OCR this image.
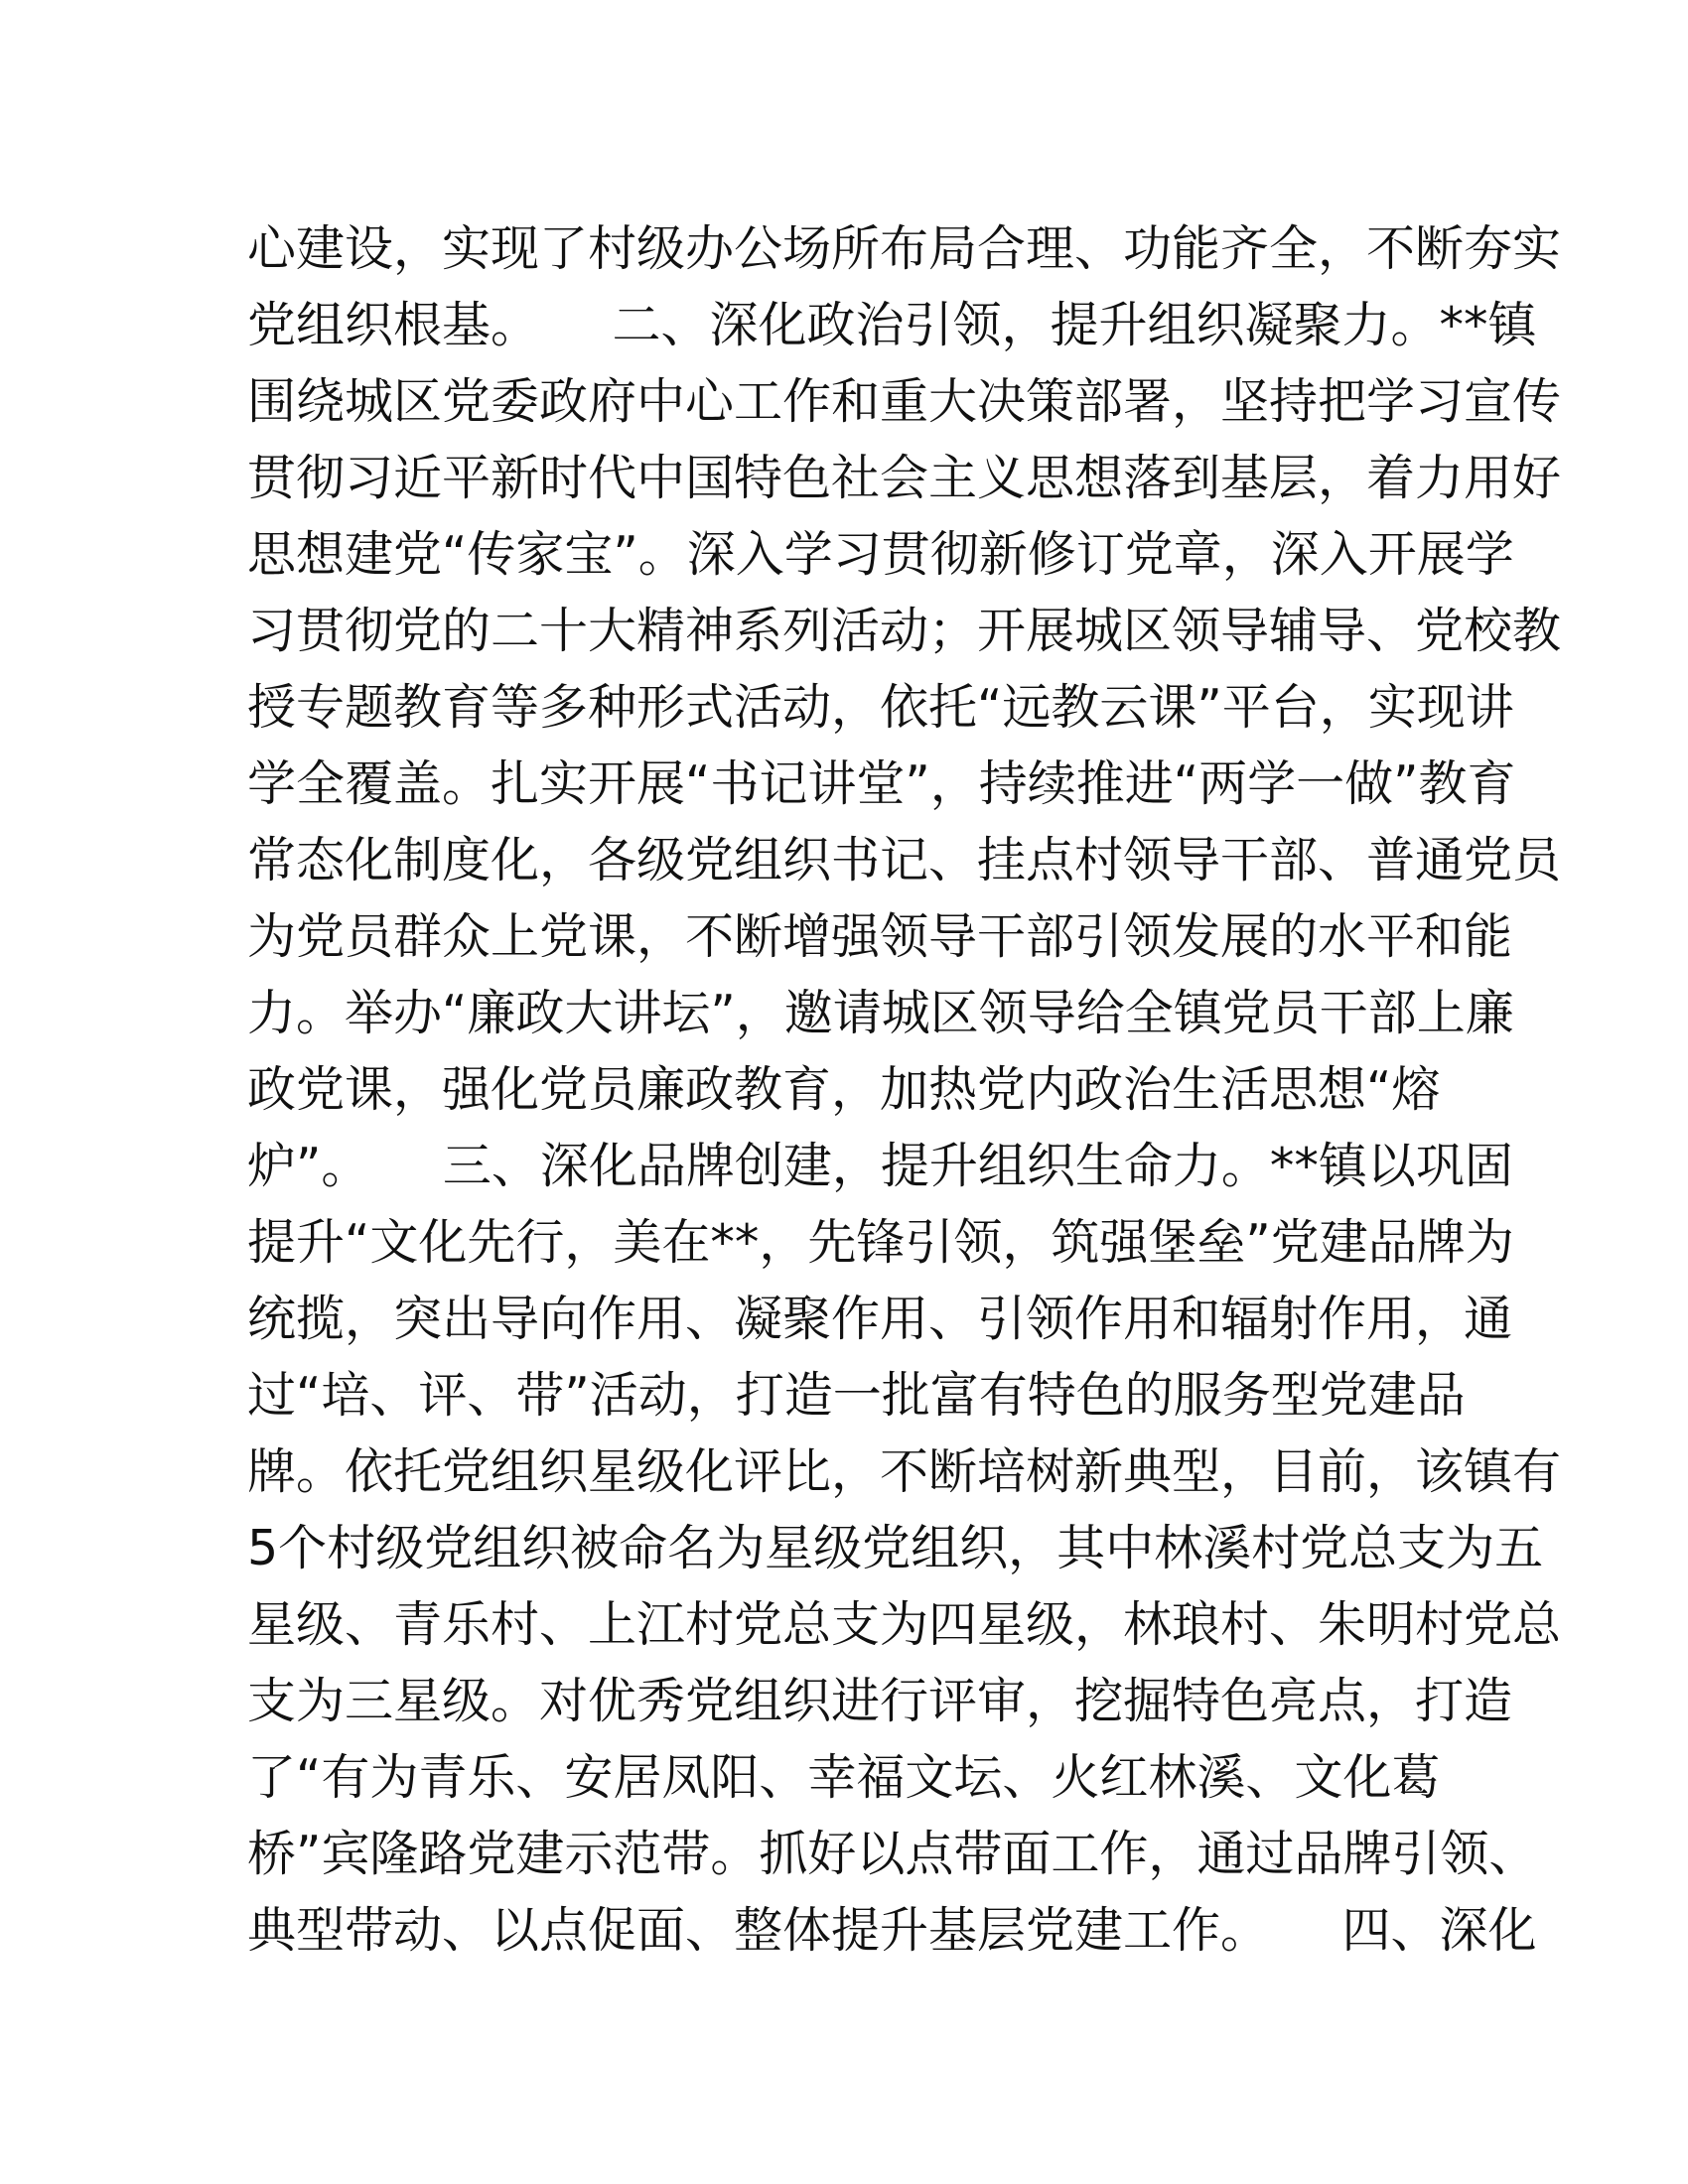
心建设，实现了村级办公场所布局合理、功能齐全，不断夯实
党组织根基。　　二、深化政治引领，提升组织凝聚力。**镇
围绕城区党委政府中心工作和重大决策部署，坚持把学习宣传
贯彻习近平新时代中国特色社会主义思想落到基层，着力用好
思想建党“传家宝”。深入学习贯彻新修订党章，深入开展学
习贯彻党的二十大精神系列活动；开展城区领导辅导、党校教
授专题教育等多种形式活动，依托“远教云课”平台，实现讲
学全覆盖。扎实开展“书记讲堂”，持续推进“两学一做”教育
常态化制度化，各级党组织书记、挂点村领导干部、普通党员
为党员群众上党课，不断增强领导干部引领发展的水平和能
力。举办“廉政大讲坛”，邀请城区领导给全镇党员干部上廉
政党课，强化党员廉政教育，加热党内政治生活思想“熔
炉”。　　三、深化品牌创建，提升组织生命力。**镇以巩固
提升“文化先行，美在**，先锋引领，筑强堡垒”党建品牌为
统揽，突出导向作用、凝聚作用、引领作用和辐射作用，通
过“培、评、带”活动，打造一批富有特色的服务型党建品
牌。依托党组织星级化评比，不断培树新典型，目前，该镇有
5个村级党组织被命名为星级党组织，其中林溪村党总支为五
星级、青乐村、上江村党总支为四星级，林琅村、朱明村党总
支为三星级。对优秀党组织进行评审，挖掘特色亮点，打造
了“有为青乐、安居凤阳、幸福文坛、火红林溪、文化葛
桥”宾隆路党建示范带。抓好以点带面工作，通过品牌引领、
典型带动、以点促面、整体提升基层党建工作。　　四、深化
